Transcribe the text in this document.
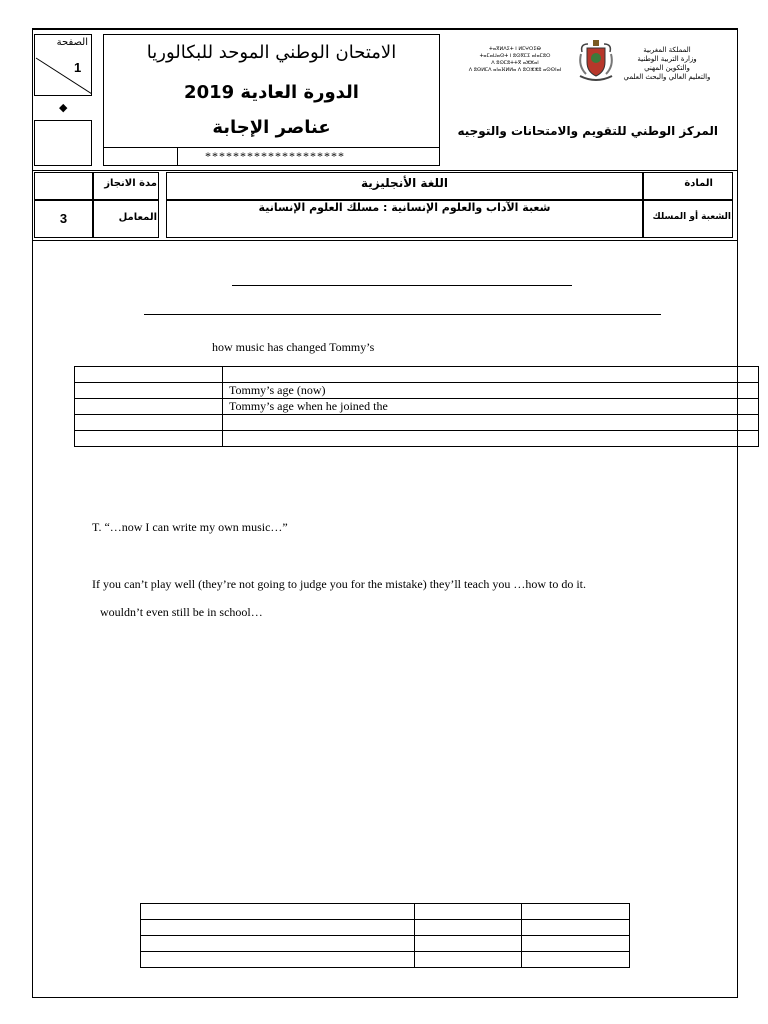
الصفحة
1
◆
الامتحان الوطني الموحد للبكالوريا
الدورة العادية 2019
عناصر الإجابة
********************
ⵜⴰⴳⵍⴷⵉⵜ ⵏ ⵍⵎⵖⵔⵉⴱ
ⵜⴰⵎⴰⵡⴰⵙⵜ ⵏ ⵓⵙⴳⵎⵉ ⴰⵏⴰⵎⵓⵔ
ⴷ ⵓⵙⵎⵓⵜⵜⴳ ⴰⵣⵣⴰⵏ
ⴷ ⵓⵙⵍⵎⴷ ⴰⵏⴰⴼⵍⵍⴰ ⴷ ⵓⵔⵣⵣⵓ ⴰⵙⵙⵏⴰⵏ
المملكة المغربية
وزارة التربية الوطنية
والتكوين المهني
والتعليم العالي والبحث العلمي
المركز الوطني للتقويم والامتحانات والتوجيه
مدة الانجاز	اللغة الأنجليزية	المادة
3	المعامل
شعبة الآداب والعلوم الإنسانية : مسلك العلوم الإنسانية
الشعبة أو المسلك
how music has changed Tommy’s

	Tommy’s age (now)
	Tommy’s age when he joined the

T. “…now I can write my own music…”
If you can’t play well (they’re not going to judge you for the mistake) they’ll teach you …how to do it.
wouldn’t even still be in school…
